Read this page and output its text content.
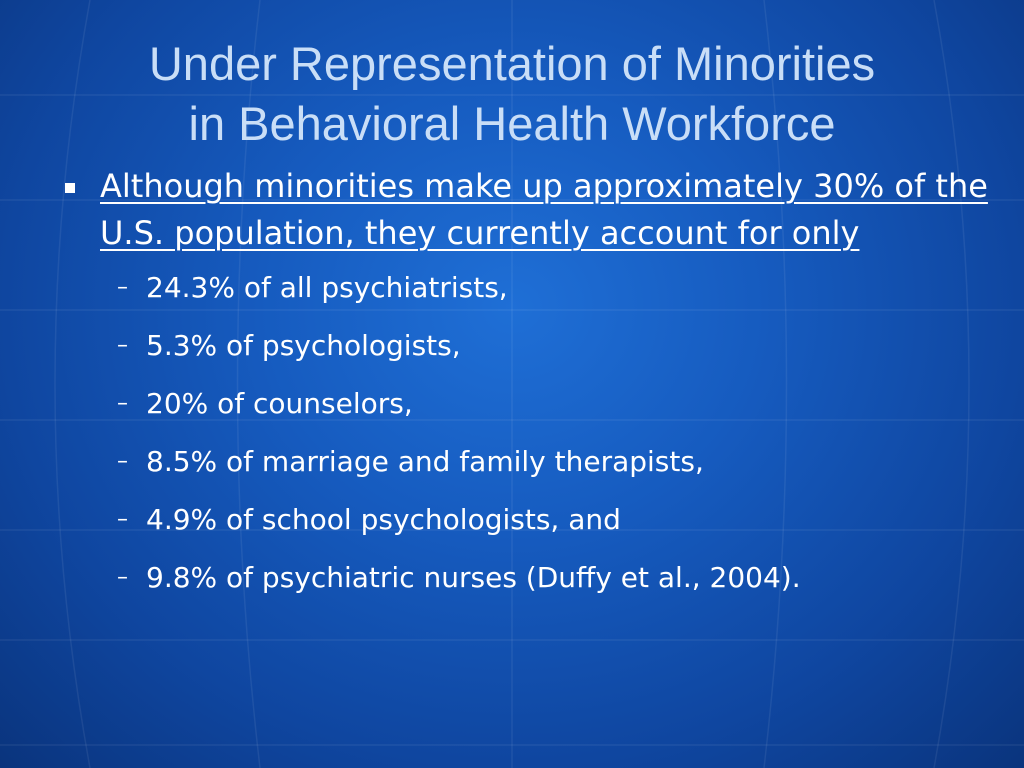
Under Representation of Minorities
in Behavioral Health Workforce
Although minorities make up approximately 30% of the U.S. population, they currently account for only
– 24.3% of all psychiatrists,
– 5.3% of psychologists,
– 20% of counselors,
– 8.5% of marriage and family therapists,
– 4.9% of school psychologists, and
– 9.8% of psychiatric nurses (Duffy et al., 2004).
